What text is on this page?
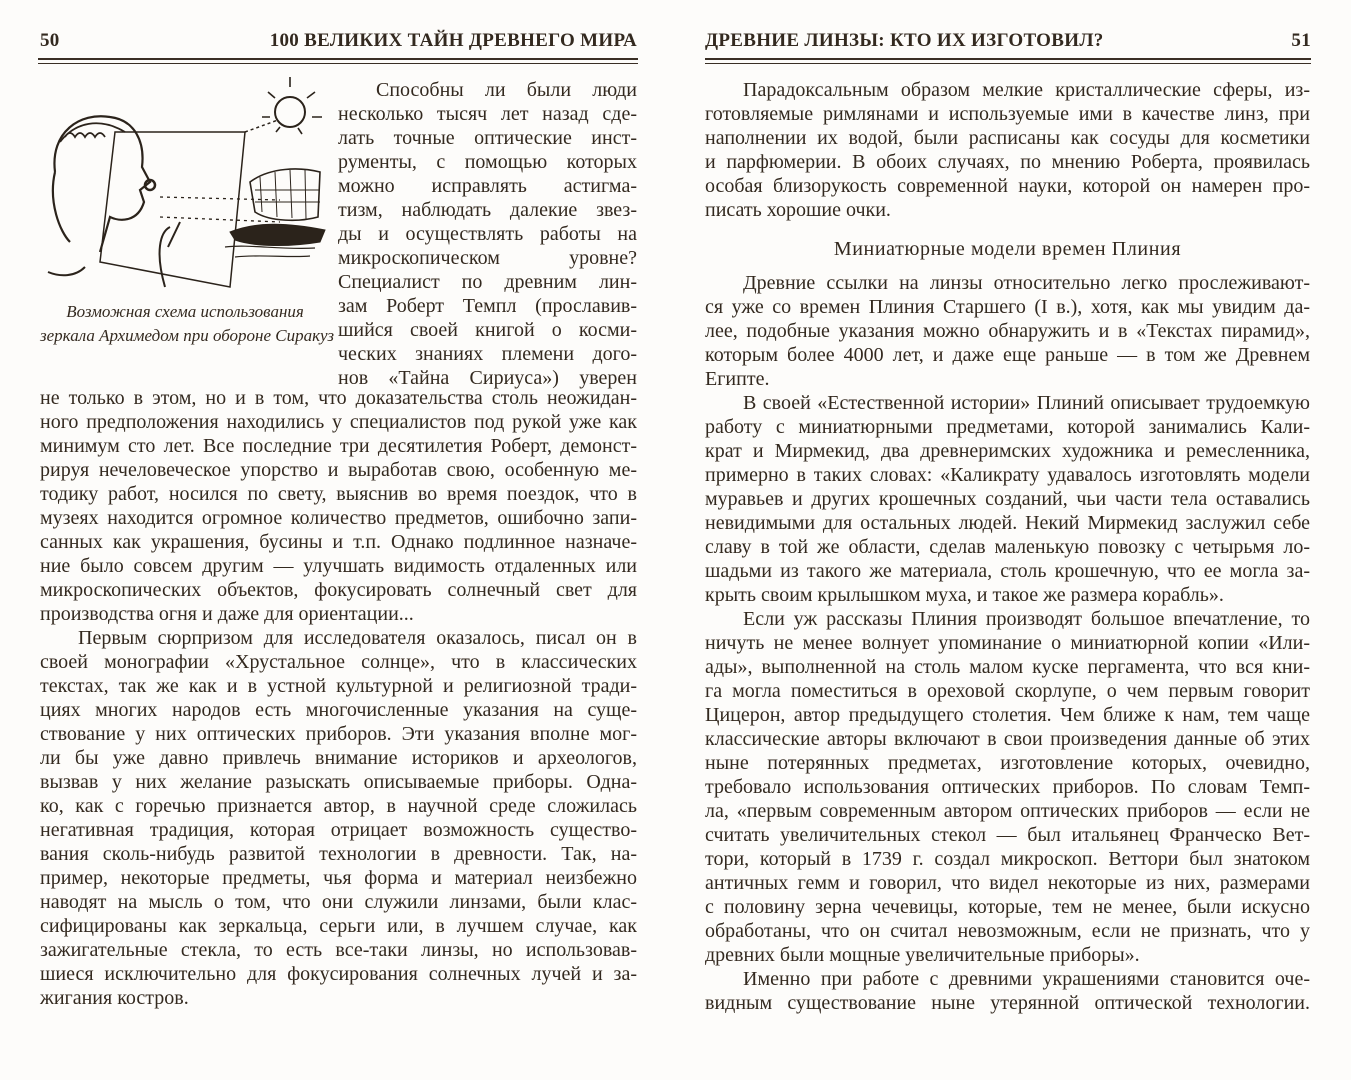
50	100 ВЕЛИКИХ ТАЙН ДРЕВНЕГО МИРА
Возможная схема использования
зеркала Архимедом при обороне Сиракуз
Способны ли были люди
несколько тысяч лет назад сде-
лать точные оптические инст-
рументы, с помощью которых
можно исправлять астигма-
тизм, наблюдать далекие звез-
ды и осуществлять работы на
микроскопическом уровне?
Специалист по древним лин-
зам Роберт Темпл (прославив-
шийся своей книгой о косми-
ческих знаниях племени дого-
нов «Тайна Сириуса») уверен
не только в этом, но и в том, что доказательства столь неожидан-
ного предположения находились у специалистов под рукой уже как
минимум сто лет. Все последние три десятилетия Роберт, демонст-
рируя нечеловеческое упорство и выработав свою, особенную ме-
тодику работ, носился по свету, выяснив во время поездок, что в
музеях находится огромное количество предметов, ошибочно запи-
санных как украшения, бусины и т.п. Однако подлинное назначе-
ние было совсем другим — улучшать видимость отдаленных или
микроскопических объектов, фокусировать солнечный свет для
производства огня и даже для ориентации...
Первым сюрпризом для исследователя оказалось, писал он в
своей монографии «Хрустальное солнце», что в классических
текстах, так же как и в устной культурной и религиозной тради-
циях многих народов есть многочисленные указания на суще-
ствование у них оптических приборов. Эти указания вполне мог-
ли бы уже давно привлечь внимание историков и археологов,
вызвав у них желание разыскать описываемые приборы. Одна-
ко, как с горечью признается автор, в научной среде сложилась
негативная традиция, которая отрицает возможность существо-
вания сколь-нибудь развитой технологии в древности. Так, на-
пример, некоторые предметы, чья форма и материал неизбежно
наводят на мысль о том, что они служили линзами, были клас-
сифицированы как зеркальца, серьги или, в лучшем случае, как
зажигательные стекла, то есть все-таки линзы, но использовав-
шиеся исключительно для фокусирования солнечных лучей и за-
жигания костров.
ДРЕВНИЕ ЛИНЗЫ: КТО ИХ ИЗГОТОВИЛ?	51
Парадоксальным образом мелкие кристаллические сферы, из-
готовляемые римлянами и используемые ими в качестве линз, при
наполнении их водой, были расписаны как сосуды для косметики
и парфюмерии. В обоих случаях, по мнению Роберта, проявилась
особая близорукость современной науки, которой он намерен про-
писать хорошие очки.
Миниатюрные модели времен Плиния
Древние ссылки на линзы относительно легко прослеживают-
ся уже со времен Плиния Старшего (I в.), хотя, как мы увидим да-
лее, подобные указания можно обнаружить и в «Текстах пирамид»,
которым более 4000 лет, и даже еще раньше — в том же Древнем
Египте.
В своей «Естественной истории» Плиний описывает трудоемкую
работу с миниатюрными предметами, которой занимались Кали-
крат и Мирмекид, два древнеримских художника и ремесленника,
примерно в таких словах: «Каликрату удавалось изготовлять модели
муравьев и других крошечных созданий, чьи части тела оставались
невидимыми для остальных людей. Некий Мирмекид заслужил себе
славу в той же области, сделав маленькую повозку с четырьмя ло-
шадьми из такого же материала, столь крошечную, что ее могла за-
крыть своим крылышком муха, и такое же размера корабль».
Если уж рассказы Плиния производят большое впечатление, то
ничуть не менее волнует упоминание о миниатюрной копии «Или-
ады», выполненной на столь малом куске пергамента, что вся кни-
га могла поместиться в ореховой скорлупе, о чем первым говорит
Цицерон, автор предыдущего столетия. Чем ближе к нам, тем чаще
классические авторы включают в свои произведения данные об этих
ныне потерянных предметах, изготовление которых, очевидно,
требовало использования оптических приборов. По словам Темп-
ла, «первым современным автором оптических приборов — если не
считать увеличительных стекол — был итальянец Франческо Вет-
тори, который в 1739 г. создал микроскоп. Веттори был знатоком
античных гемм и говорил, что видел некоторые из них, размерами
с половину зерна чечевицы, которые, тем не менее, были искусно
обработаны, что он считал невозможным, если не признать, что у
древних были мощные увеличительные приборы».
Именно при работе с древними украшениями становится оче-
видным существование ныне утерянной оптической технологии.
